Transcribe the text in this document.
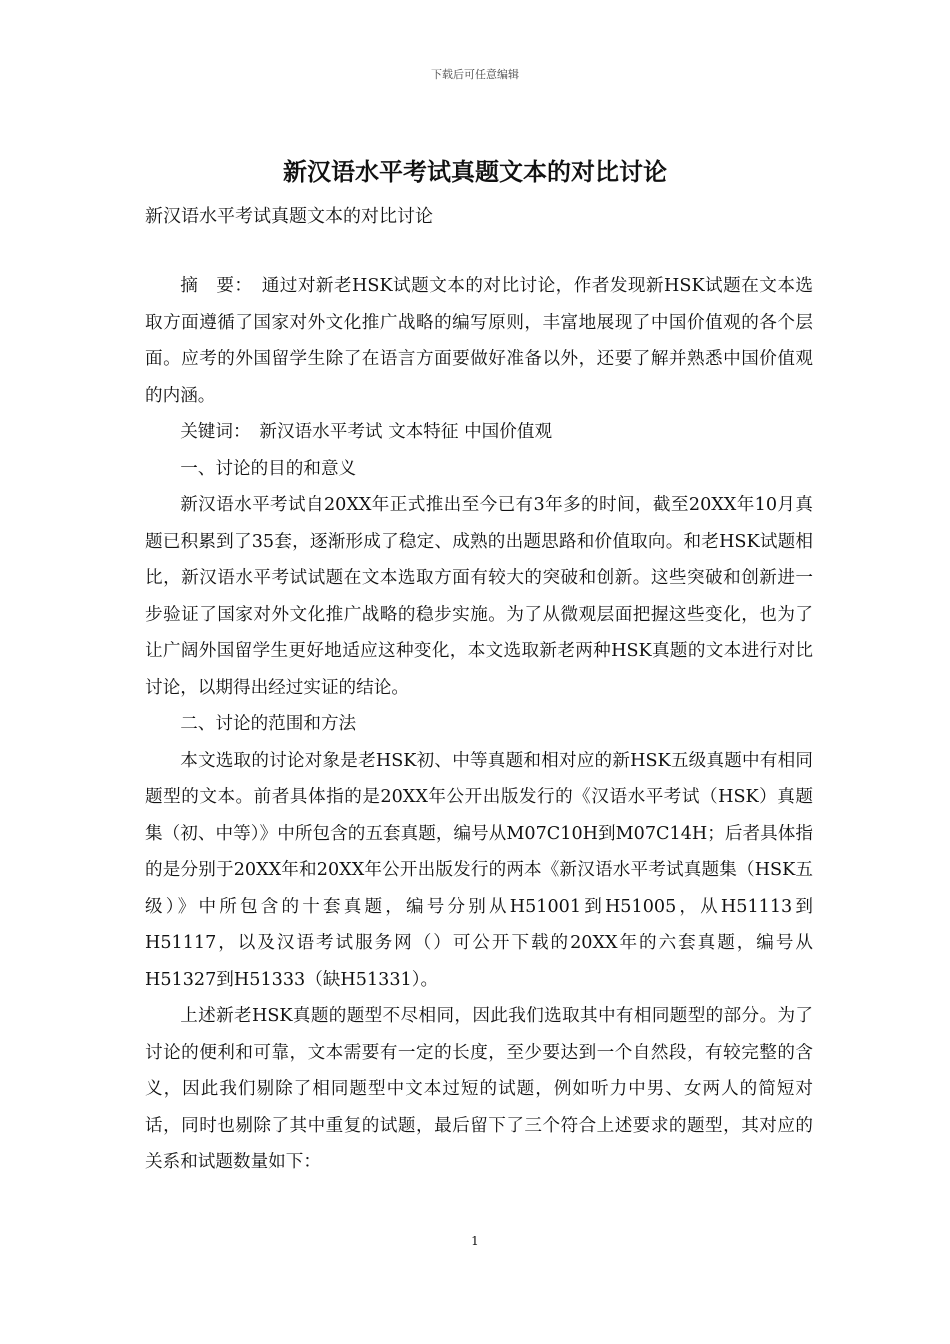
下载后可任意编辑
新汉语水平考试真题文本的对比讨论

新汉语水平考试真题文本的对比讨论

摘　要：　通过对新老HSK试题文本的对比讨论，作者发现新HSK试题在文本选取方面遵循了国家对外文化推广战略的编写原则，丰富地展现了中国价值观的各个层面。应考的外国留学生除了在语言方面要做好准备以外，还要了解并熟悉中国价值观的内涵。

关键词：　新汉语水平考试 文本特征 中国价值观

一、讨论的目的和意义

新汉语水平考试自20XX年正式推出至今已有3年多的时间，截至20XX年10月真题已积累到了35套，逐渐形成了稳定、成熟的出题思路和价值取向。和老HSK试题相比，新汉语水平考试试题在文本选取方面有较大的突破和创新。这些突破和创新进一步验证了国家对外文化推广战略的稳步实施。为了从微观层面把握这些变化，也为了让广阔外国留学生更好地适应这种变化，本文选取新老两种HSK真题的文本进行对比讨论，以期得出经过实证的结论。

二、讨论的范围和方法

本文选取的讨论对象是老HSK初、中等真题和相对应的新HSK五级真题中有相同题型的文本。前者具体指的是20XX年公开出版发行的《汉语水平考试（HSK）真题集（初、中等）》中所包含的五套真题，编号从M07C10H到M07C14H；后者具体指的是分别于20XX年和20XX年公开出版发行的两本《新汉语水平考试真题集（HSK五级）》中所包含的十套真题，编号分别从H51001到H51005，从H51113到H51117，以及汉语考试服务网（）可公开下载的20XX年的六套真题，编号从H51327到H51333（缺H51331）。

上述新老HSK真题的题型不尽相同，因此我们选取其中有相同题型的部分。为了讨论的便利和可靠，文本需要有一定的长度，至少要达到一个自然段，有较完整的含义，因此我们剔除了相同题型中文本过短的试题，例如听力中男、女两人的简短对话，同时也剔除了其中重复的试题，最后留下了三个符合上述要求的题型，其对应的关系和试题数量如下：

1
